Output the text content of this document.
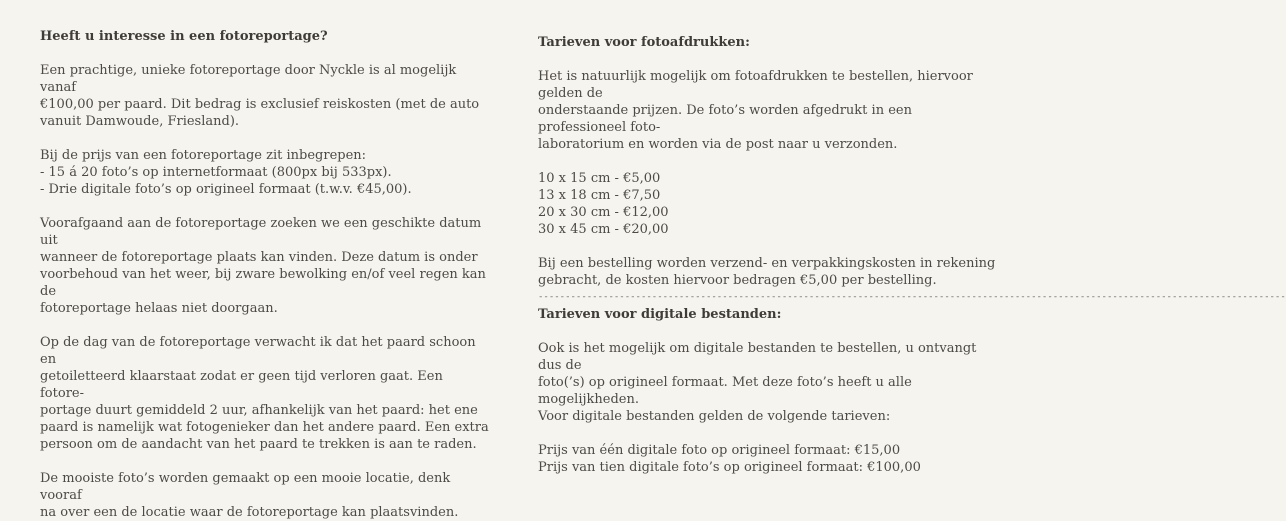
Heeft u interesse in een fotoreportage?

Een prachtige, unieke fotoreportage door Nyckle is al mogelijk vanaf
€100,00 per paard. Dit bedrag is exclusief reiskosten (met de auto
vanuit Damwoude, Friesland).

Bij de prijs van een fotoreportage zit inbegrepen:
- 15 á 20 foto’s op internetformaat (800px bij 533px).
- Drie digitale foto’s op origineel formaat (t.w.v. €45,00).

Voorafgaand aan de fotoreportage zoeken we een geschikte datum uit
wanneer de fotoreportage plaats kan vinden. Deze datum is onder
voorbehoud van het weer, bij zware bewolking en/of veel regen kan de
fotoreportage helaas niet doorgaan.

Op de dag van de fotoreportage verwacht ik dat het paard schoon en
getoiletteerd klaarstaat zodat er geen tijd verloren gaat. Een fotore-
portage duurt gemiddeld 2 uur, afhankelijk van het paard: het ene
paard is namelijk wat fotogenieker dan het andere paard. Een extra
persoon om de aandacht van het paard te trekken is aan te raden.

De mooiste foto’s worden gemaakt op een mooie locatie, denk vooraf
na over een de locatie waar de fotoreportage kan plaatsvinden.

Tarieven voor fotoafdrukken:

Het is natuurlijk mogelijk om fotoafdrukken te bestellen, hiervoor gelden de
onderstaande prijzen. De foto’s worden afgedrukt in een professioneel foto-
laboratorium en worden via de post naar u verzonden.

10 x 15 cm - €5,00
13 x 18 cm - €7,50
20 x 30 cm - €12,00
30 x 45 cm - €20,00

Bij een bestelling worden verzend- en verpakkingskosten in rekening
gebracht, de kosten hiervoor bedragen €5,00 per bestelling.

------------------------------------------------------------------------------------------------------------------------------------------

Tarieven voor digitale bestanden:

Ook is het mogelijk om digitale bestanden te bestellen, u ontvangt dus de
foto(’s) op origineel formaat. Met deze foto’s heeft u alle mogelijkheden.
Voor digitale bestanden gelden de volgende tarieven:

Prijs van één digitale foto op origineel formaat: €15,00
Prijs van tien digitale foto’s op origineel formaat: €100,00
